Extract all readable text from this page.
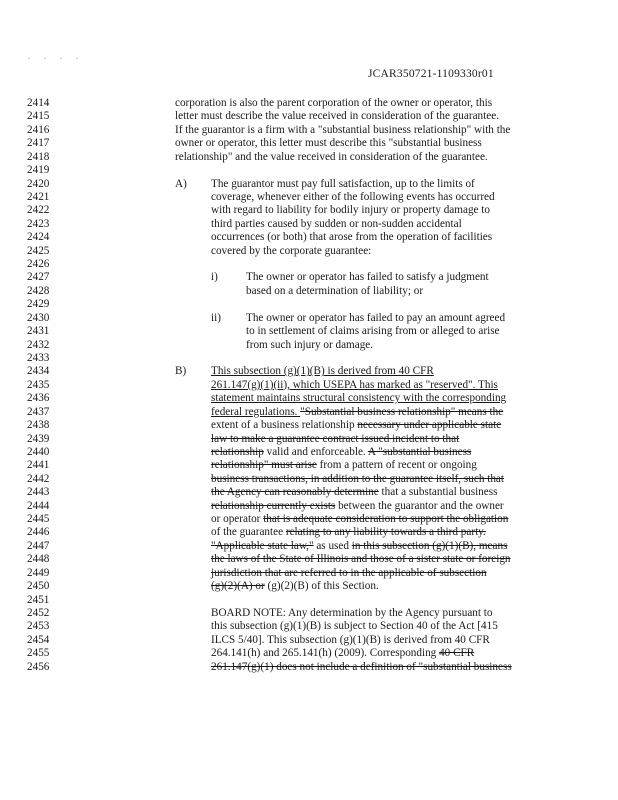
. . . .
JCAR350721-1109330r01
2414	corporation is also the parent corporation of the owner or operator, this
2415	letter must describe the value received in consideration of the guarantee.
2416	If the guarantor is a firm with a "substantial business relationship" with the
2417	owner or operator, this letter must describe this "substantial business
2418	relationship" and the value received in consideration of the guarantee.
2419
2420	A) The guarantor must pay full satisfaction, up to the limits of
2421	coverage, whenever either of the following events has occurred
2422	with regard to liability for bodily injury or property damage to
2423	third parties caused by sudden or non-sudden accidental
2424	occurrences (or both) that arose from the operation of facilities
2425	covered by the corporate guarantee:
2426
2427	i)	The owner or operator has failed to satisfy a judgment
2428	based on a determination of liability; or
2429
2430	ii) The owner or operator has failed to pay an amount agreed
2431	to in settlement of claims arising from or alleged to arise
2432	from such injury or damage.
2433
2434	B) This subsection (g)(1)(B) is derived from 40 CFR
2435	261.147(g)(1)(ii), which USEPA has marked as "reserved". This
2436	statement maintains structural consistency with the corresponding
2437	federal regulations. "Substantial business relationship" means the
2438	extent of a business relationship necessary under applicable state
2439	law to make a guarantee contract issued incident to that
2440	relationship valid and enforceable. A "substantial business
2441	relationship" must arise from a pattern of recent or ongoing
2442	business transactions, in addition to the guarantee itself, such that
2443	the Agency can reasonably determine that a substantial business
2444	relationship currently exists between the guarantor and the owner
2445	or operator that is adequate consideration to support the obligation
2446	of the guarantee relating to any liability towards a third party.
2447	"Applicable state law," as used in this subsection (g)(1)(B), means
2448	the laws of the State of Illinois and those of a sister state or foreign
2449	jurisdiction that are referred to in the applicable of subsection
2450	(g)(2)(A) or (g)(2)(B) of this Section.
2451
2452	BOARD NOTE: Any determination by the Agency pursuant to
2453	this subsection (g)(1)(B) is subject to Section 40 of the Act [415
2454	ILCS 5/40]. This subsection (g)(1)(B) is derived from 40 CFR
2455	264.141(h) and 265.141(h) (2009). Corresponding 40 CFR
2456	261.147(g)(1) does not include a definition of "substantial business
